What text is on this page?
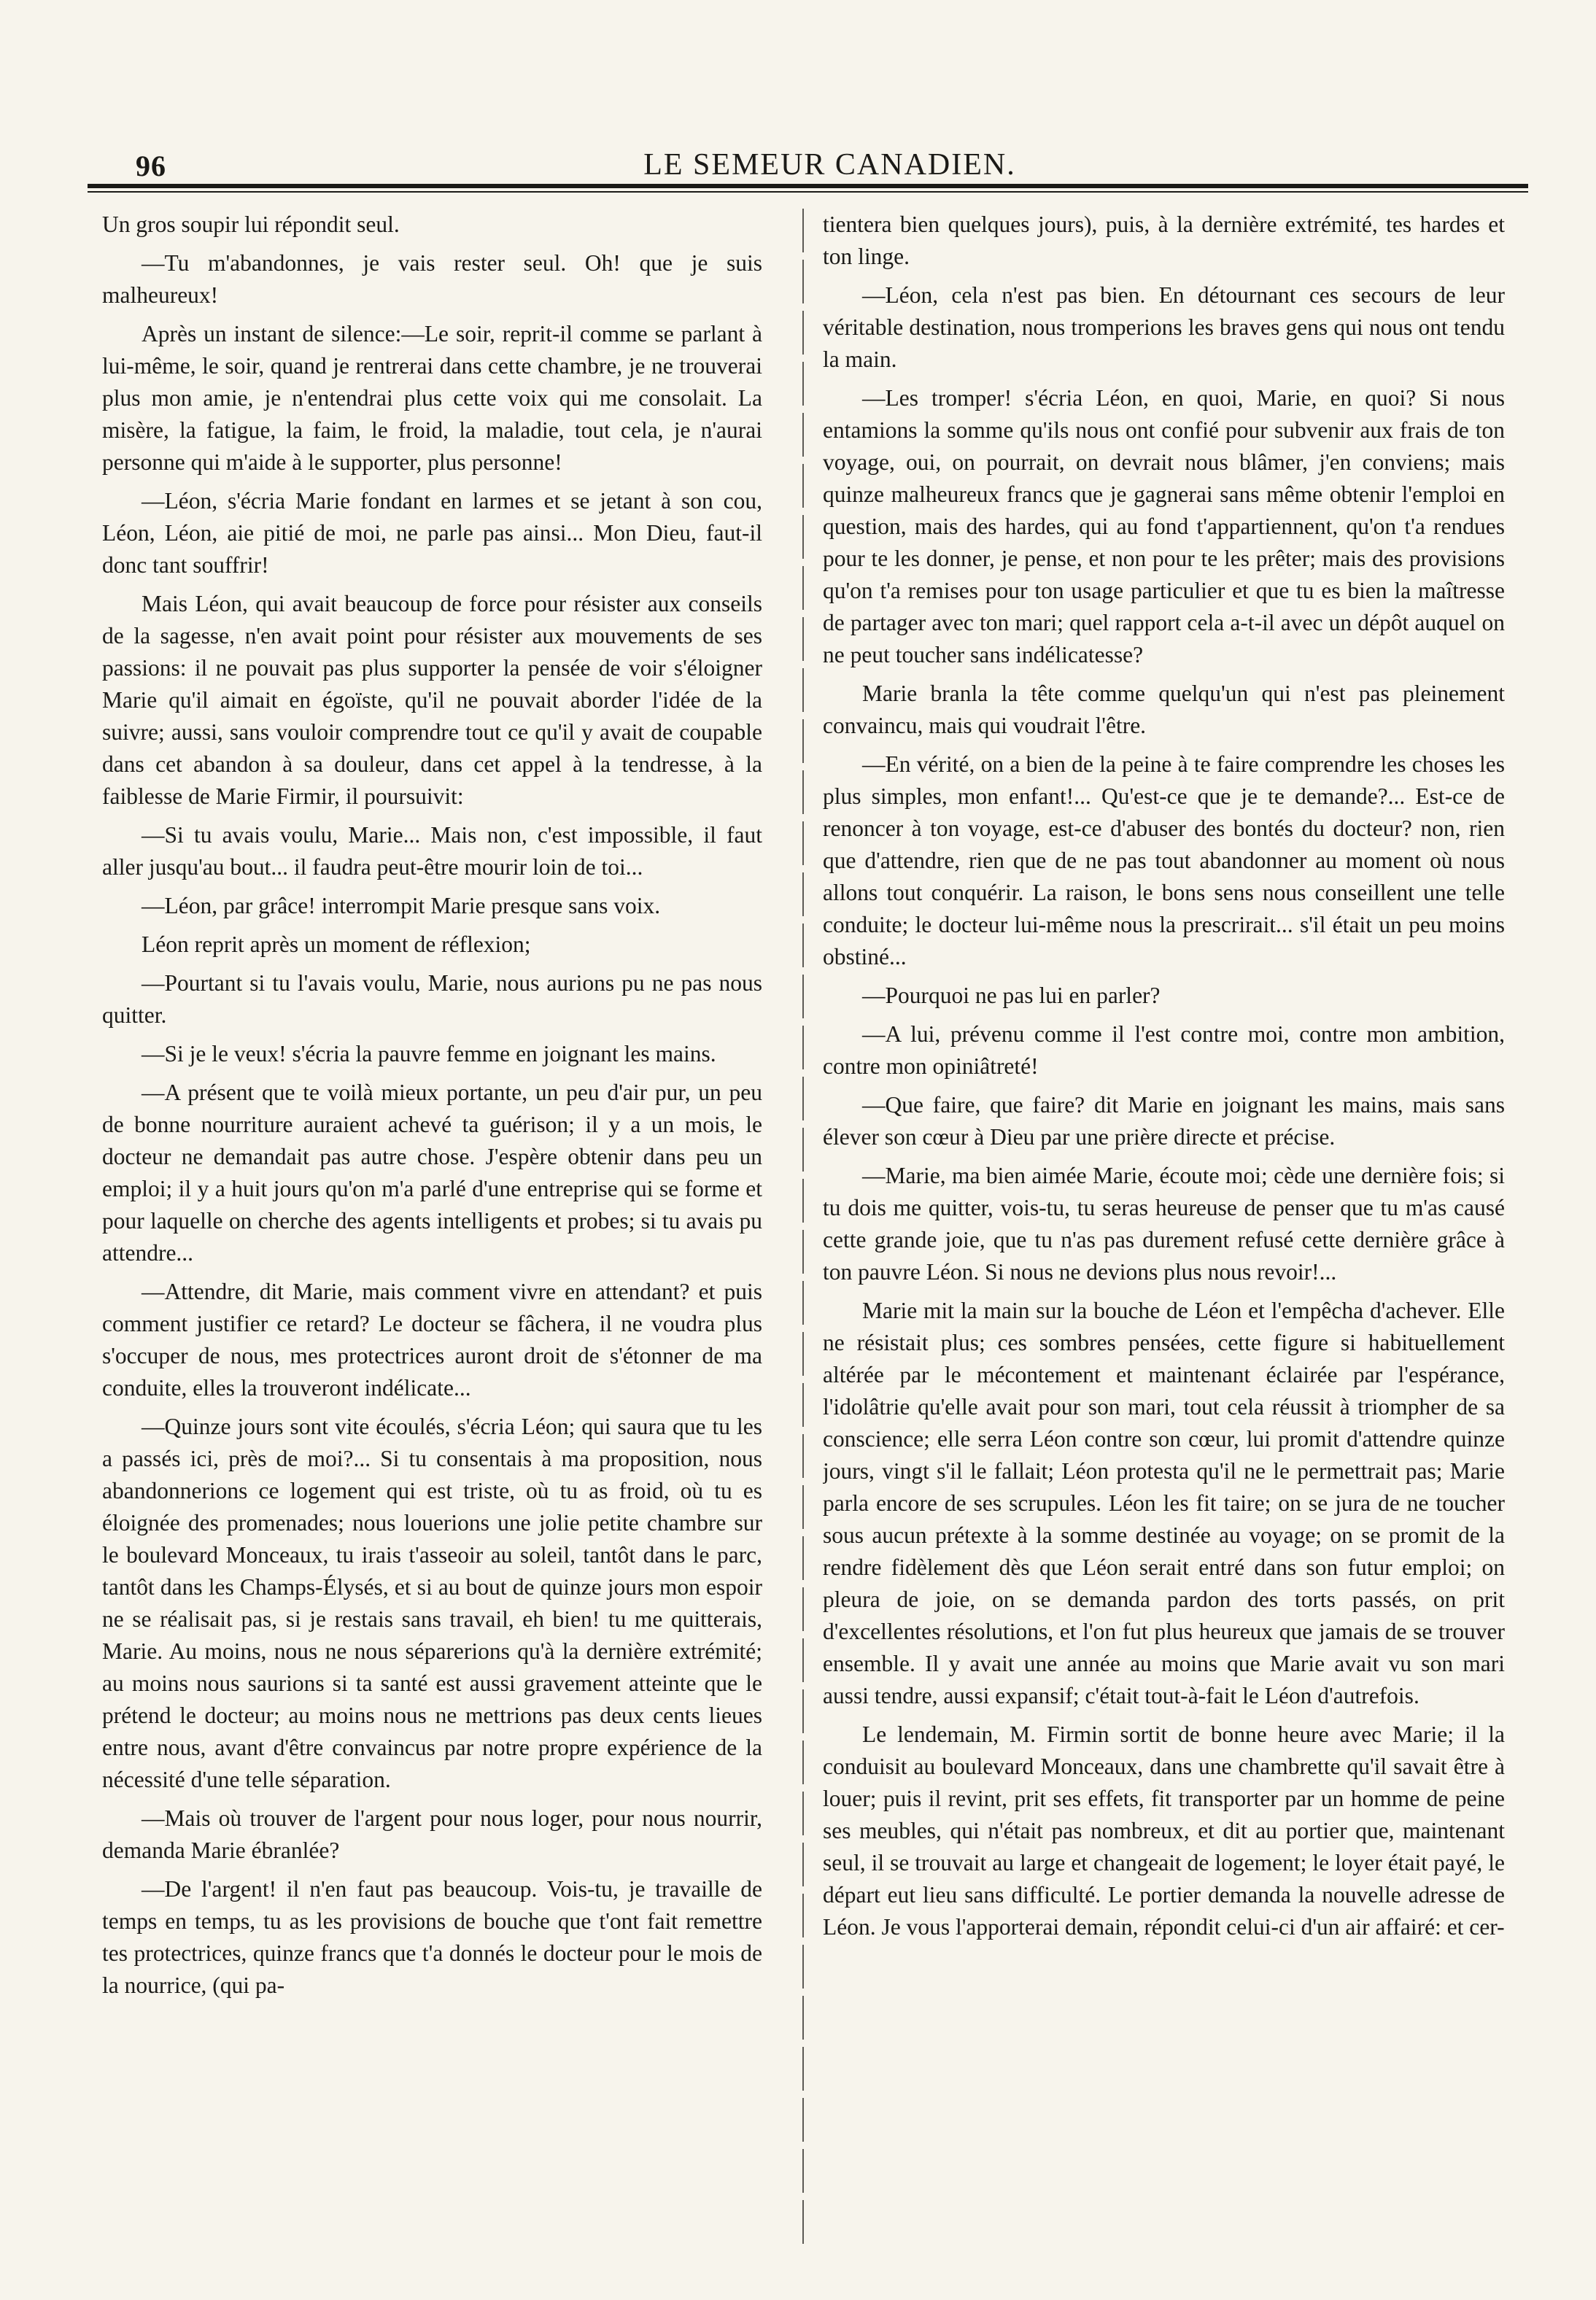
96	LE SEMEUR CANADIEN.

Un gros soupir lui répondit seul.

—Tu m'abandonnes, je vais rester seul. Oh! que je suis malheureux!

Après un instant de silence:—Le soir, reprit-il comme se parlant à lui-même, le soir, quand je rentrerai dans cette chambre, je ne trouverai plus mon amie, je n'entendrai plus cette voix qui me consolait. La misère, la fatigue, la faim, le froid, la maladie, tout cela, je n'aurai personne qui m'aide à le supporter, plus personne!

—Léon, s'écria Marie fondant en larmes et se jetant à son cou, Léon, Léon, aie pitié de moi, ne parle pas ainsi... Mon Dieu, faut-il donc tant souffrir!

Mais Léon, qui avait beaucoup de force pour résister aux conseils de la sagesse, n'en avait point pour résister aux mouvements de ses passions: il ne pouvait pas plus supporter la pensée de voir s'éloigner Marie qu'il aimait en égoïste, qu'il ne pouvait aborder l'idée de la suivre; aussi, sans vouloir comprendre tout ce qu'il y avait de coupable dans cet abandon à sa douleur, dans cet appel à la tendresse, à la faiblesse de Marie Firmir, il poursuivit:

—Si tu avais voulu, Marie... Mais non, c'est impossible, il faut aller jusqu'au bout... il faudra peut-être mourir loin de toi...

—Léon, par grâce! interrompit Marie presque sans voix.

Léon reprit après un moment de réflexion;

—Pourtant si tu l'avais voulu, Marie, nous aurions pu ne pas nous quitter.

—Si je le veux! s'écria la pauvre femme en joignant les mains.

—A présent que te voilà mieux portante, un peu d'air pur, un peu de bonne nourriture auraient achevé ta guérison; il y a un mois, le docteur ne demandait pas autre chose. J'espère obtenir dans peu un emploi; il y a huit jours qu'on m'a parlé d'une entreprise qui se forme et pour laquelle on cherche des agents intelligents et probes; si tu avais pu attendre...

—Attendre, dit Marie, mais comment vivre en attendant? et puis comment justifier ce retard? Le docteur se fâchera, il ne voudra plus s'occuper de nous, mes protectrices auront droit de s'étonner de ma conduite, elles la trouveront indélicate...

—Quinze jours sont vite écoulés, s'écria Léon; qui saura que tu les a passés ici, près de moi?... Si tu consentais à ma proposition, nous abandonnerions ce logement qui est triste, où tu as froid, où tu es éloignée des promenades; nous louerions une jolie petite chambre sur le boulevard Monceaux, tu irais t'asseoir au soleil, tantôt dans le parc, tantôt dans les Champs-Élysés, et si au bout de quinze jours mon espoir ne se réalisait pas, si je restais sans travail, eh bien! tu me quitterais, Marie. Au moins, nous ne nous séparerions qu'à la dernière extrémité; au moins nous saurions si ta santé est aussi gravement atteinte que le prétend le docteur; au moins nous ne mettrions pas deux cents lieues entre nous, avant d'être convaincus par notre propre expérience de la nécessité d'une telle séparation.

—Mais où trouver de l'argent pour nous loger, pour nous nourrir, demanda Marie ébranlée?

—De l'argent! il n'en faut pas beaucoup. Vois-tu, je travaille de temps en temps, tu as les provisions de bouche que t'ont fait remettre tes protectrices, quinze francs que t'a donnés le docteur pour le mois de la nourrice, (qui pa-

tientera bien quelques jours), puis, à la dernière extrémité, tes hardes et ton linge.

—Léon, cela n'est pas bien. En détournant ces secours de leur véritable destination, nous tromperions les braves gens qui nous ont tendu la main.

—Les tromper! s'écria Léon, en quoi, Marie, en quoi? Si nous entamions la somme qu'ils nous ont confié pour subvenir aux frais de ton voyage, oui, on pourrait, on devrait nous blâmer, j'en conviens; mais quinze malheureux francs que je gagnerai sans même obtenir l'emploi en question, mais des hardes, qui au fond t'appartiennent, qu'on t'a rendues pour te les donner, je pense, et non pour te les prêter; mais des provisions qu'on t'a remises pour ton usage particulier et que tu es bien la maîtresse de partager avec ton mari; quel rapport cela a-t-il avec un dépôt auquel on ne peut toucher sans indélicatesse?

Marie branla la tête comme quelqu'un qui n'est pas pleinement convaincu, mais qui voudrait l'être.

—En vérité, on a bien de la peine à te faire comprendre les choses les plus simples, mon enfant!... Qu'est-ce que je te demande?... Est-ce de renoncer à ton voyage, est-ce d'abuser des bontés du docteur? non, rien que d'attendre, rien que de ne pas tout abandonner au moment où nous allons tout conquérir. La raison, le bons sens nous conseillent une telle conduite; le docteur lui-même nous la prescrirait... s'il était un peu moins obstiné...

—Pourquoi ne pas lui en parler?

—A lui, prévenu comme il l'est contre moi, contre mon ambition, contre mon opiniâtreté!

—Que faire, que faire? dit Marie en joignant les mains, mais sans élever son cœur à Dieu par une prière directe et précise.

—Marie, ma bien aimée Marie, écoute moi; cède une dernière fois; si tu dois me quitter, vois-tu, tu seras heureuse de penser que tu m'as causé cette grande joie, que tu n'as pas durement refusé cette dernière grâce à ton pauvre Léon. Si nous ne devions plus nous revoir!...

Marie mit la main sur la bouche de Léon et l'empêcha d'achever. Elle ne résistait plus; ces sombres pensées, cette figure si habituellement altérée par le mécontement et maintenant éclairée par l'espérance, l'idolâtrie qu'elle avait pour son mari, tout cela réussit à triompher de sa conscience; elle serra Léon contre son cœur, lui promit d'attendre quinze jours, vingt s'il le fallait; Léon protesta qu'il ne le permettrait pas; Marie parla encore de ses scrupules. Léon les fit taire; on se jura de ne toucher sous aucun prétexte à la somme destinée au voyage; on se promit de la rendre fidèlement dès que Léon serait entré dans son futur emploi; on pleura de joie, on se demanda pardon des torts passés, on prit d'excellentes résolutions, et l'on fut plus heureux que jamais de se trouver ensemble. Il y avait une année au moins que Marie avait vu son mari aussi tendre, aussi expansif; c'était tout-à-fait le Léon d'autrefois.

Le lendemain, M. Firmin sortit de bonne heure avec Marie; il la conduisit au boulevard Monceaux, dans une chambrette qu'il savait être à louer; puis il revint, prit ses effets, fit transporter par un homme de peine ses meubles, qui n'était pas nombreux, et dit au portier que, maintenant seul, il se trouvait au large et changeait de logement; le loyer était payé, le départ eut lieu sans difficulté. Le portier demanda la nouvelle adresse de Léon. Je vous l'apporterai demain, répondit celui-ci d'un air affairé: et cer-
